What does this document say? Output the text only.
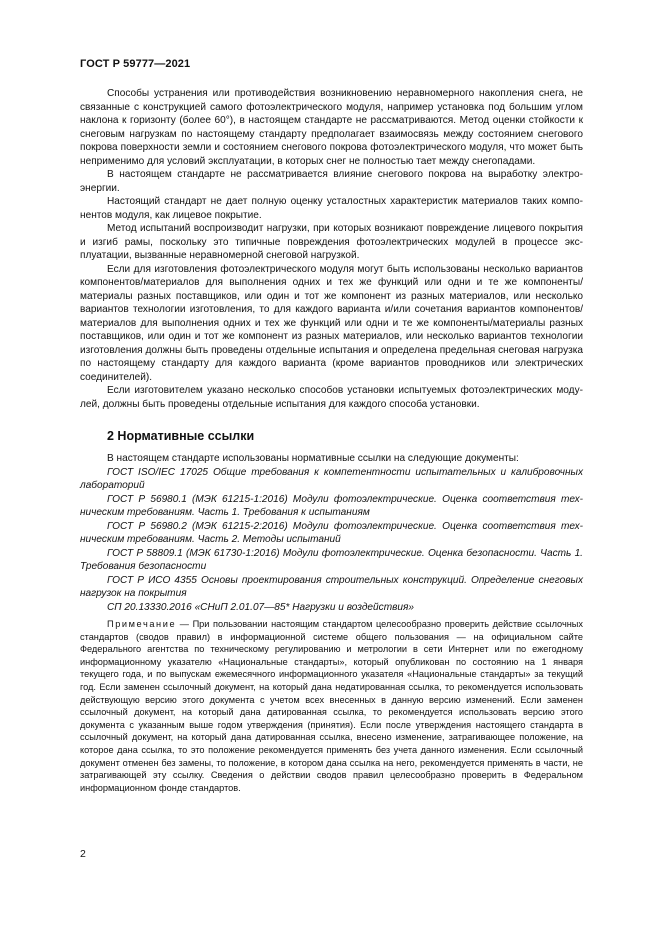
ГОСТ Р 59777—2021

Способы устранения или противодействия возникновению неравномерного накопления снега, не связанные с конструкцией самого фотоэлектрического модуля, например установка под большим углом наклона к горизонту (более 60°), в настоящем стандарте не рассматриваются. Метод оценки стойкости к снеговым нагрузкам по настоящему стандарту предполагает взаимосвязь между состоянием снегового покрова поверхности земли и состоянием снегового покрова фотоэлектрического модуля, что может быть неприменимо для условий эксплуатации, в которых снег не полностью тает между снегопадами.

В настоящем стандарте не рассматривается влияние снегового покрова на выработку электроэнергии.

Настоящий стандарт не дает полную оценку усталостных характеристик материалов таких компонентов модуля, как лицевое покрытие.

Метод испытаний воспроизводит нагрузки, при которых возникают повреждение лицевого покрытия и изгиб рамы, поскольку это типичные повреждения фотоэлектрических модулей в процессе эксплуатации, вызванные неравномерной снеговой нагрузкой.

Если для изготовления фотоэлектрического модуля могут быть использованы несколько вариантов компонентов/материалов для выполнения одних и тех же функций или одни и те же компоненты/материалы разных поставщиков, или один и тот же компонент из разных материалов, или несколько вариантов технологии изготовления, то для каждого варианта и/или сочетания вариантов компонентов/материалов для выполнения одних и тех же функций или одни и те же компоненты/материалы разных поставщиков, или один и тот же компонент из разных материалов, или несколько вариантов технологии изготовления должны быть проведены отдельные испытания и определена предельная снеговая нагрузка по настоящему стандарту для каждого варианта (кроме вариантов проводников или электрических соединителей).

Если изготовителем указано несколько способов установки испытуемых фотоэлектрических модулей, должны быть проведены отдельные испытания для каждого способа установки.

2 Нормативные ссылки

В настоящем стандарте использованы нормативные ссылки на следующие документы:

ГОСТ ISO/IEC 17025 Общие требования к компетентности испытательных и калибровочных лабораторий

ГОСТ Р 56980.1 (МЭК 61215-1:2016) Модули фотоэлектрические. Оценка соответствия техническим требованиям. Часть 1. Требования к испытаниям

ГОСТ Р 56980.2 (МЭК 61215-2:2016) Модули фотоэлектрические. Оценка соответствия техническим требованиям. Часть 2. Методы испытаний

ГОСТ Р 58809.1 (МЭК 61730-1:2016) Модули фотоэлектрические. Оценка безопасности. Часть 1. Требования безопасности

ГОСТ Р ИСО 4355 Основы проектирования строительных конструкций. Определение снеговых нагрузок на покрытия

СП 20.13330.2016 «СНиП 2.01.07—85* Нагрузки и воздействия»

Примечание — При пользовании настоящим стандартом целесообразно проверить действие ссылочных стандартов (сводов правил) в информационной системе общего пользования — на официальном сайте Федерального агентства по техническому регулированию и метрологии в сети Интернет или по ежегодному информационному указателю «Национальные стандарты», который опубликован по состоянию на 1 января текущего года, и по выпускам ежемесячного информационного указателя «Национальные стандарты» за текущий год. Если заменен ссылочный документ, на который дана недатированная ссылка, то рекомендуется использовать действующую версию этого документа с учетом всех внесенных в данную версию изменений. Если заменен ссылочный документ, на который дана датированная ссылка, то рекомендуется использовать версию этого документа с указанным выше годом утверждения (принятия). Если после утверждения настоящего стандарта в ссылочный документ, на который дана датированная ссылка, внесено изменение, затрагивающее положение, на которое дана ссылка, то это положение рекомендуется применять без учета данного изменения. Если ссылочный документ отменен без замены, то положение, в котором дана ссылка на него, рекомендуется применять в части, не затрагивающей эту ссылку. Сведения о действии сводов правил целесообразно проверить в Федеральном информационном фонде стандартов.
2
